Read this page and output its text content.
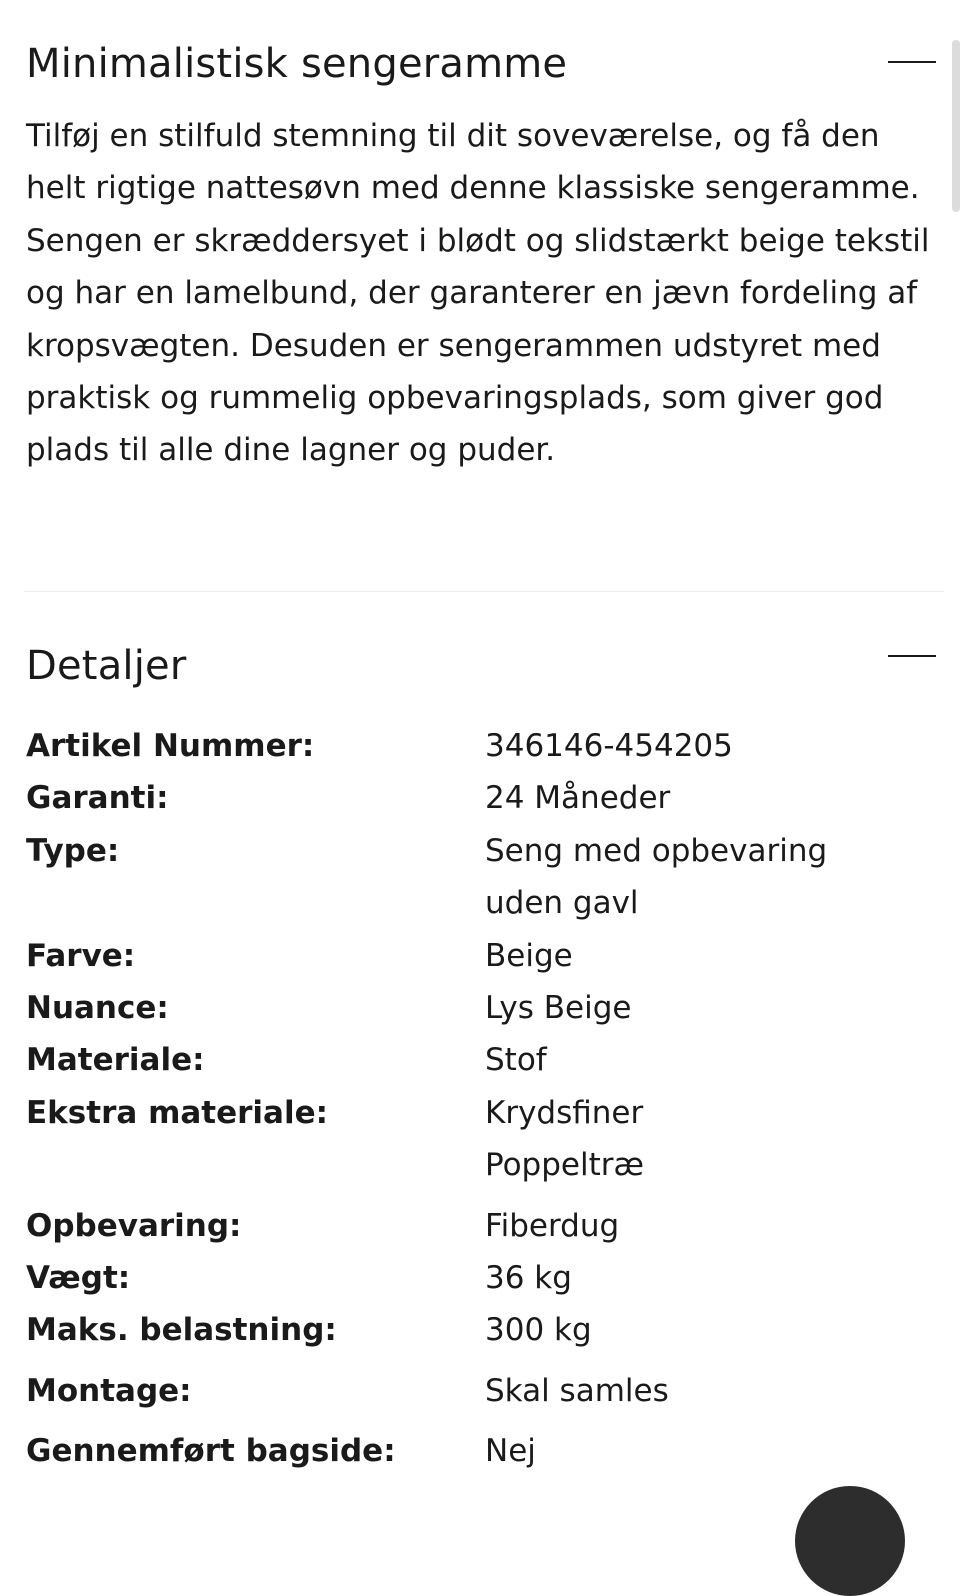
Minimalistisk sengeramme

Tilføj en stilfuld stemning til dit soveværelse, og få den helt rigtige nattesøvn med denne klassiske sengeramme. Sengen er skræddersyet i blødt og slidstærkt beige tekstil og har en lamelbund, der garanterer en jævn fordeling af kropsvægten. Desuden er sengerammen udstyret med praktisk og rummelig opbevaringsplads, som giver god plads til alle dine lagner og puder.

Detaljer
Artikel Nummer:	346146-454205
Garanti:	24 Måneder
Type:	Seng med opbevaring uden gavl
Farve:	Beige
Nuance:	Lys Beige
Materiale:	Stof
Ekstra materiale:	Krydsfiner Poppeltræ
Opbevaring:	Fiberdug
Vægt:	36 kg
Maks. belastning:	300 kg
Montage:	Skal samles
Gennemført bagside:	Nej
